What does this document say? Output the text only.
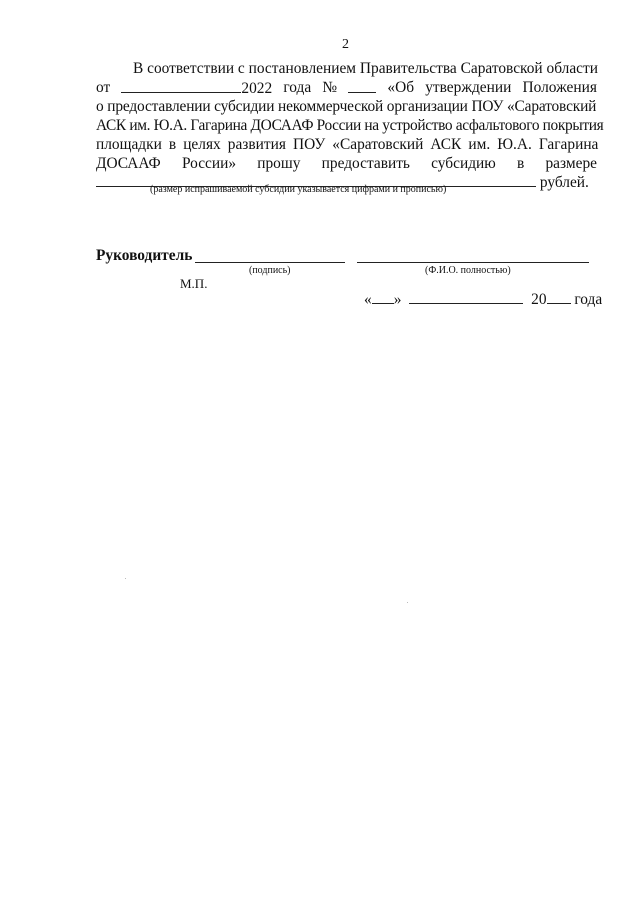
2
В соответствии с постановлением Правительства Саратовской области
от	2022 года №	«Об утверждении Положения
о предоставлении субсидии некоммерческой организации ПОУ «Саратовский
АСК им. Ю.А. Гагарина ДОСААФ России на устройство асфальтового покрытия
площадки в целях развития ПОУ «Саратовский АСК им. Ю.А. Гагарина
ДОСААФ России» прошу предоставить субсидию в размере
рублей.
(размер испрашиваемой субсидии указывается цифрами и прописью)
Руководитель
(подпись)	(Ф.И.О. полностью)
М.П.
« »	20 года
